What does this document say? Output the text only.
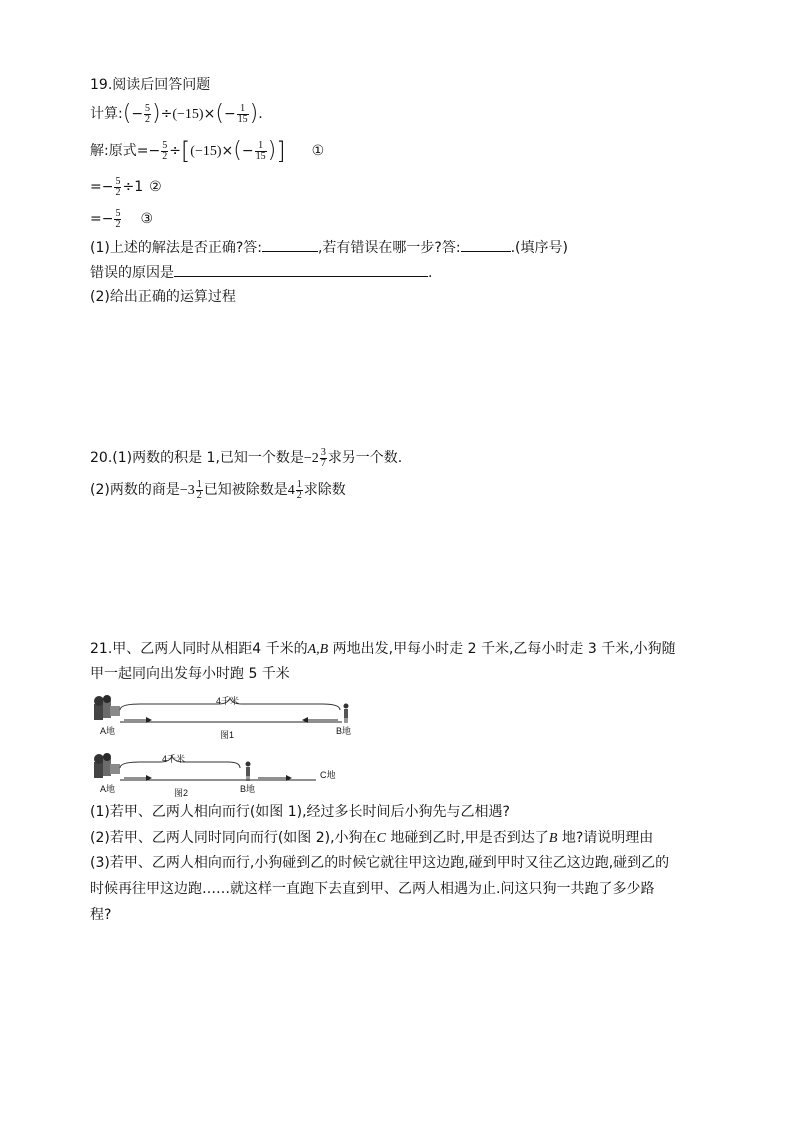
19.阅读后回答问题
计算:(− $\frac{5}{2} )\div(-15)\times(- \frac{1}{15}$ ).
解:原式=− $\frac{5}{2} \div[(-15)\times(- \frac{1}{15}$ )] ①
=− $\frac{5}{2} \div 1$ ②
=− $\frac{5}{2}$ ③
(1)上述的解法是否正确?答:	,若有错误在哪一步?答:	.(填序号)
错误的原因是	.
(2)给出正确的运算过程
20.(1)两数的积是 1,已知一个数是$-2 \frac{3}{7}$ 求另一个数.
(2)两数的商是$-3 \frac{1}{2}$ 已知被除数是$4 \frac{1}{2}$ 求除数
21.甲、乙两人同时从相距4 千米的A,B 两地出发,甲每小时走 2 千米,乙每小时走 3 千米,小狗随
甲一起同向出发每小时跑 5 千米
4千米
A地	B地
图1
4千米
A地	B地
C地
图2
(1)若甲、乙两人相向而行(如图 1),经过多长时间后小狗先与乙相遇?
(2)若甲、乙两人同时同向而行(如图 2),小狗在C 地碰到乙时,甲是否到达了B 地?请说明理由
(3)若甲、乙两人相向而行,小狗碰到乙的时候它就往甲这边跑,碰到甲时又往乙这边跑,碰到乙的
时候再往甲这边跑……就这样一直跑下去直到甲、乙两人相遇为止.问这只狗一共跑了多少路
程?
